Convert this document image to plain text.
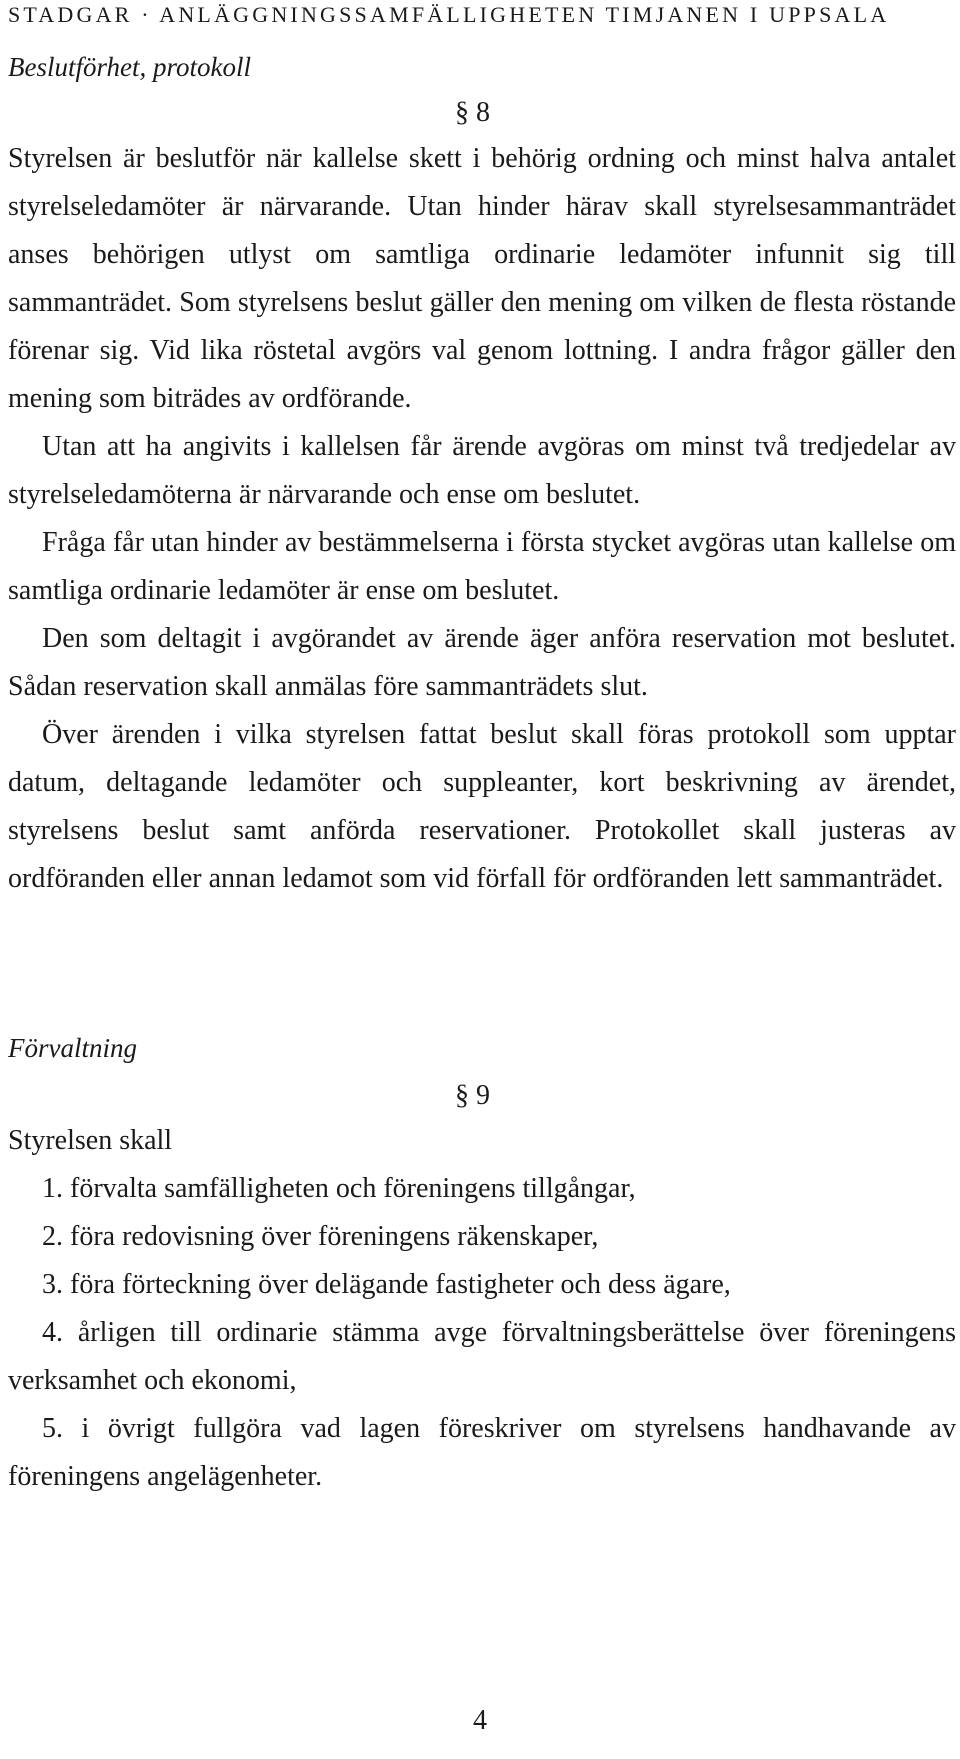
STADGAR · ANLÄGGNINGSSAMFÄLLIGHETEN TIMJANEN I UPPSALA
Beslutförhet, protokoll
§ 8

Styrelsen är beslutför när kallelse skett i behörig ordning och minst halva antalet styrelseledamöter är närvarande. Utan hinder härav skall styrelsesammanträdet anses behörigen utlyst om samtliga ordinarie ledamöter infunnit sig till sammanträdet. Som styrelsens beslut gäller den mening om vilken de flesta röstande förenar sig. Vid lika röstetal avgörs val genom lottning. I andra frågor gäller den mening som biträdes av ordförande.

Utan att ha angivits i kallelsen får ärende avgöras om minst två tredjedelar av styrelseledamöterna är närvarande och ense om beslutet.

Fråga får utan hinder av bestämmelserna i första stycket avgöras utan kallelse om samtliga ordinarie ledamöter är ense om beslutet.

Den som deltagit i avgörandet av ärende äger anföra reservation mot beslutet. Sådan reservation skall anmälas före sammanträdets slut.

Över ärenden i vilka styrelsen fattat beslut skall föras protokoll som upptar datum, deltagande ledamöter och suppleanter, kort beskrivning av ärendet, styrelsens beslut samt anförda reservationer. Protokollet skall justeras av ordföranden eller annan ledamot som vid förfall för ordföranden lett sammanträdet.

Förvaltning
§ 9

Styrelsen skall

1. förvalta samfälligheten och föreningens tillgångar,
2. föra redovisning över föreningens räkenskaper,
3. föra förteckning över delägande fastigheter och dess ägare,
4. årligen till ordinarie stämma avge förvaltningsberättelse över föreningens verksamhet och ekonomi,
5. i övrigt fullgöra vad lagen föreskriver om styrelsens handhavande av föreningens angelägenheter.
4
